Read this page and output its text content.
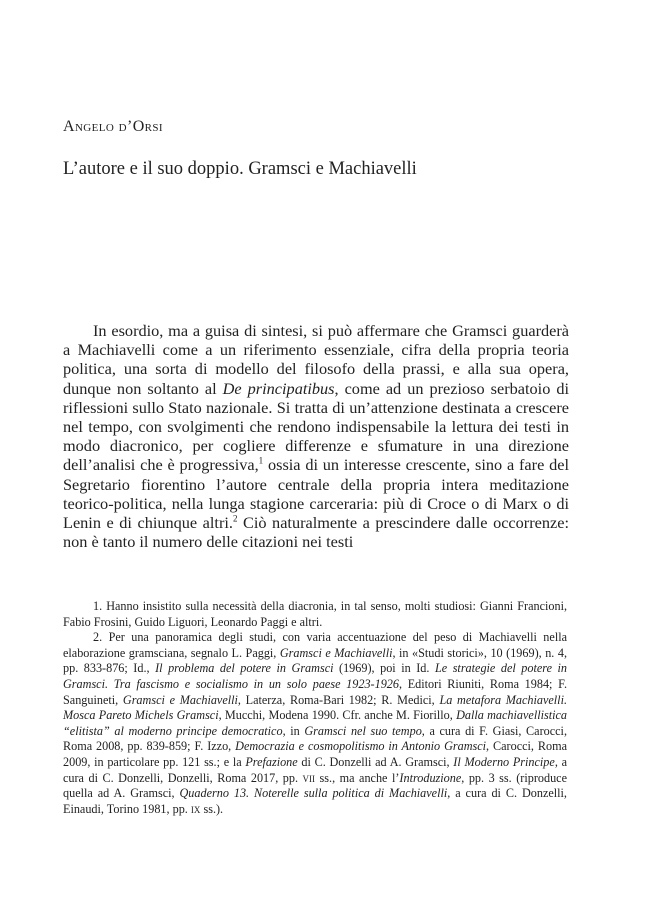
Angelo d’Orsi
L’autore e il suo doppio. Gramsci e Machiavelli

In esordio, ma a guisa di sintesi, si può affermare che Gramsci guarderà a Machiavelli come a un riferimento essenziale, cifra della propria teoria politica, una sorta di modello del filosofo della prassi, e alla sua opera, dunque non soltanto al De principatibus, come ad un prezioso serbatoio di riflessioni sullo Stato nazionale. Si tratta di un’attenzione destinata a crescere nel tempo, con svolgimenti che rendono indispensabile la lettura dei testi in modo diacronico, per cogliere differenze e sfumature in una direzione dell’analisi che è progressiva,$^1$ ossia di un interesse crescente, sino a fare del Segretario fiorentino l’autore centrale della propria intera meditazione teorico-politica, nella lunga stagione carceraria: più di Croce o di Marx o di Lenin e di chiunque altri.$^2$ Ciò naturalmente a prescindere dalle occorrenze: non è tanto il numero delle citazioni nei testi

1. Hanno insistito sulla necessità della diacronia, in tal senso, molti studiosi: Gianni Francioni, Fabio Frosini, Guido Liguori, Leonardo Paggi e altri.

2. Per una panoramica degli studi, con varia accentuazione del peso di Machiavelli nella elaborazione gramsciana, segnalo L. Paggi, Gramsci e Machiavelli, in «Studi storici», 10 (1969), n. 4, pp. 833-876; Id., Il problema del potere in Gramsci (1969), poi in Id. Le strategie del potere in Gramsci. Tra fascismo e socialismo in un solo paese 1923-1926, Editori Riuniti, Roma 1984; F. Sanguineti, Gramsci e Machiavelli, Laterza, Roma-Bari 1982; R. Medici, La metafora Machiavelli. Mosca Pareto Michels Gramsci, Mucchi, Modena 1990. Cfr. anche M. Fiorillo, Dalla machiavellistica “elitista” al moderno principe democratico, in Gramsci nel suo tempo, a cura di F. Giasi, Carocci, Roma 2008, pp. 839-859; F. Izzo, Democrazia e cosmopolitismo in Antonio Gramsci, Carocci, Roma 2009, in particolare pp. 121 ss.; e la Prefazione di C. Donzelli ad A. Gramsci, Il Moderno Principe, a cura di C. Donzelli, Donzelli, Roma 2017, pp. vii ss., ma anche l’Introduzione, pp. 3 ss. (riproduce quella ad A. Gramsci, Quaderno 13. Noterelle sulla politica di Machiavelli, a cura di C. Donzelli, Einaudi, Torino 1981, pp. ix ss.).
